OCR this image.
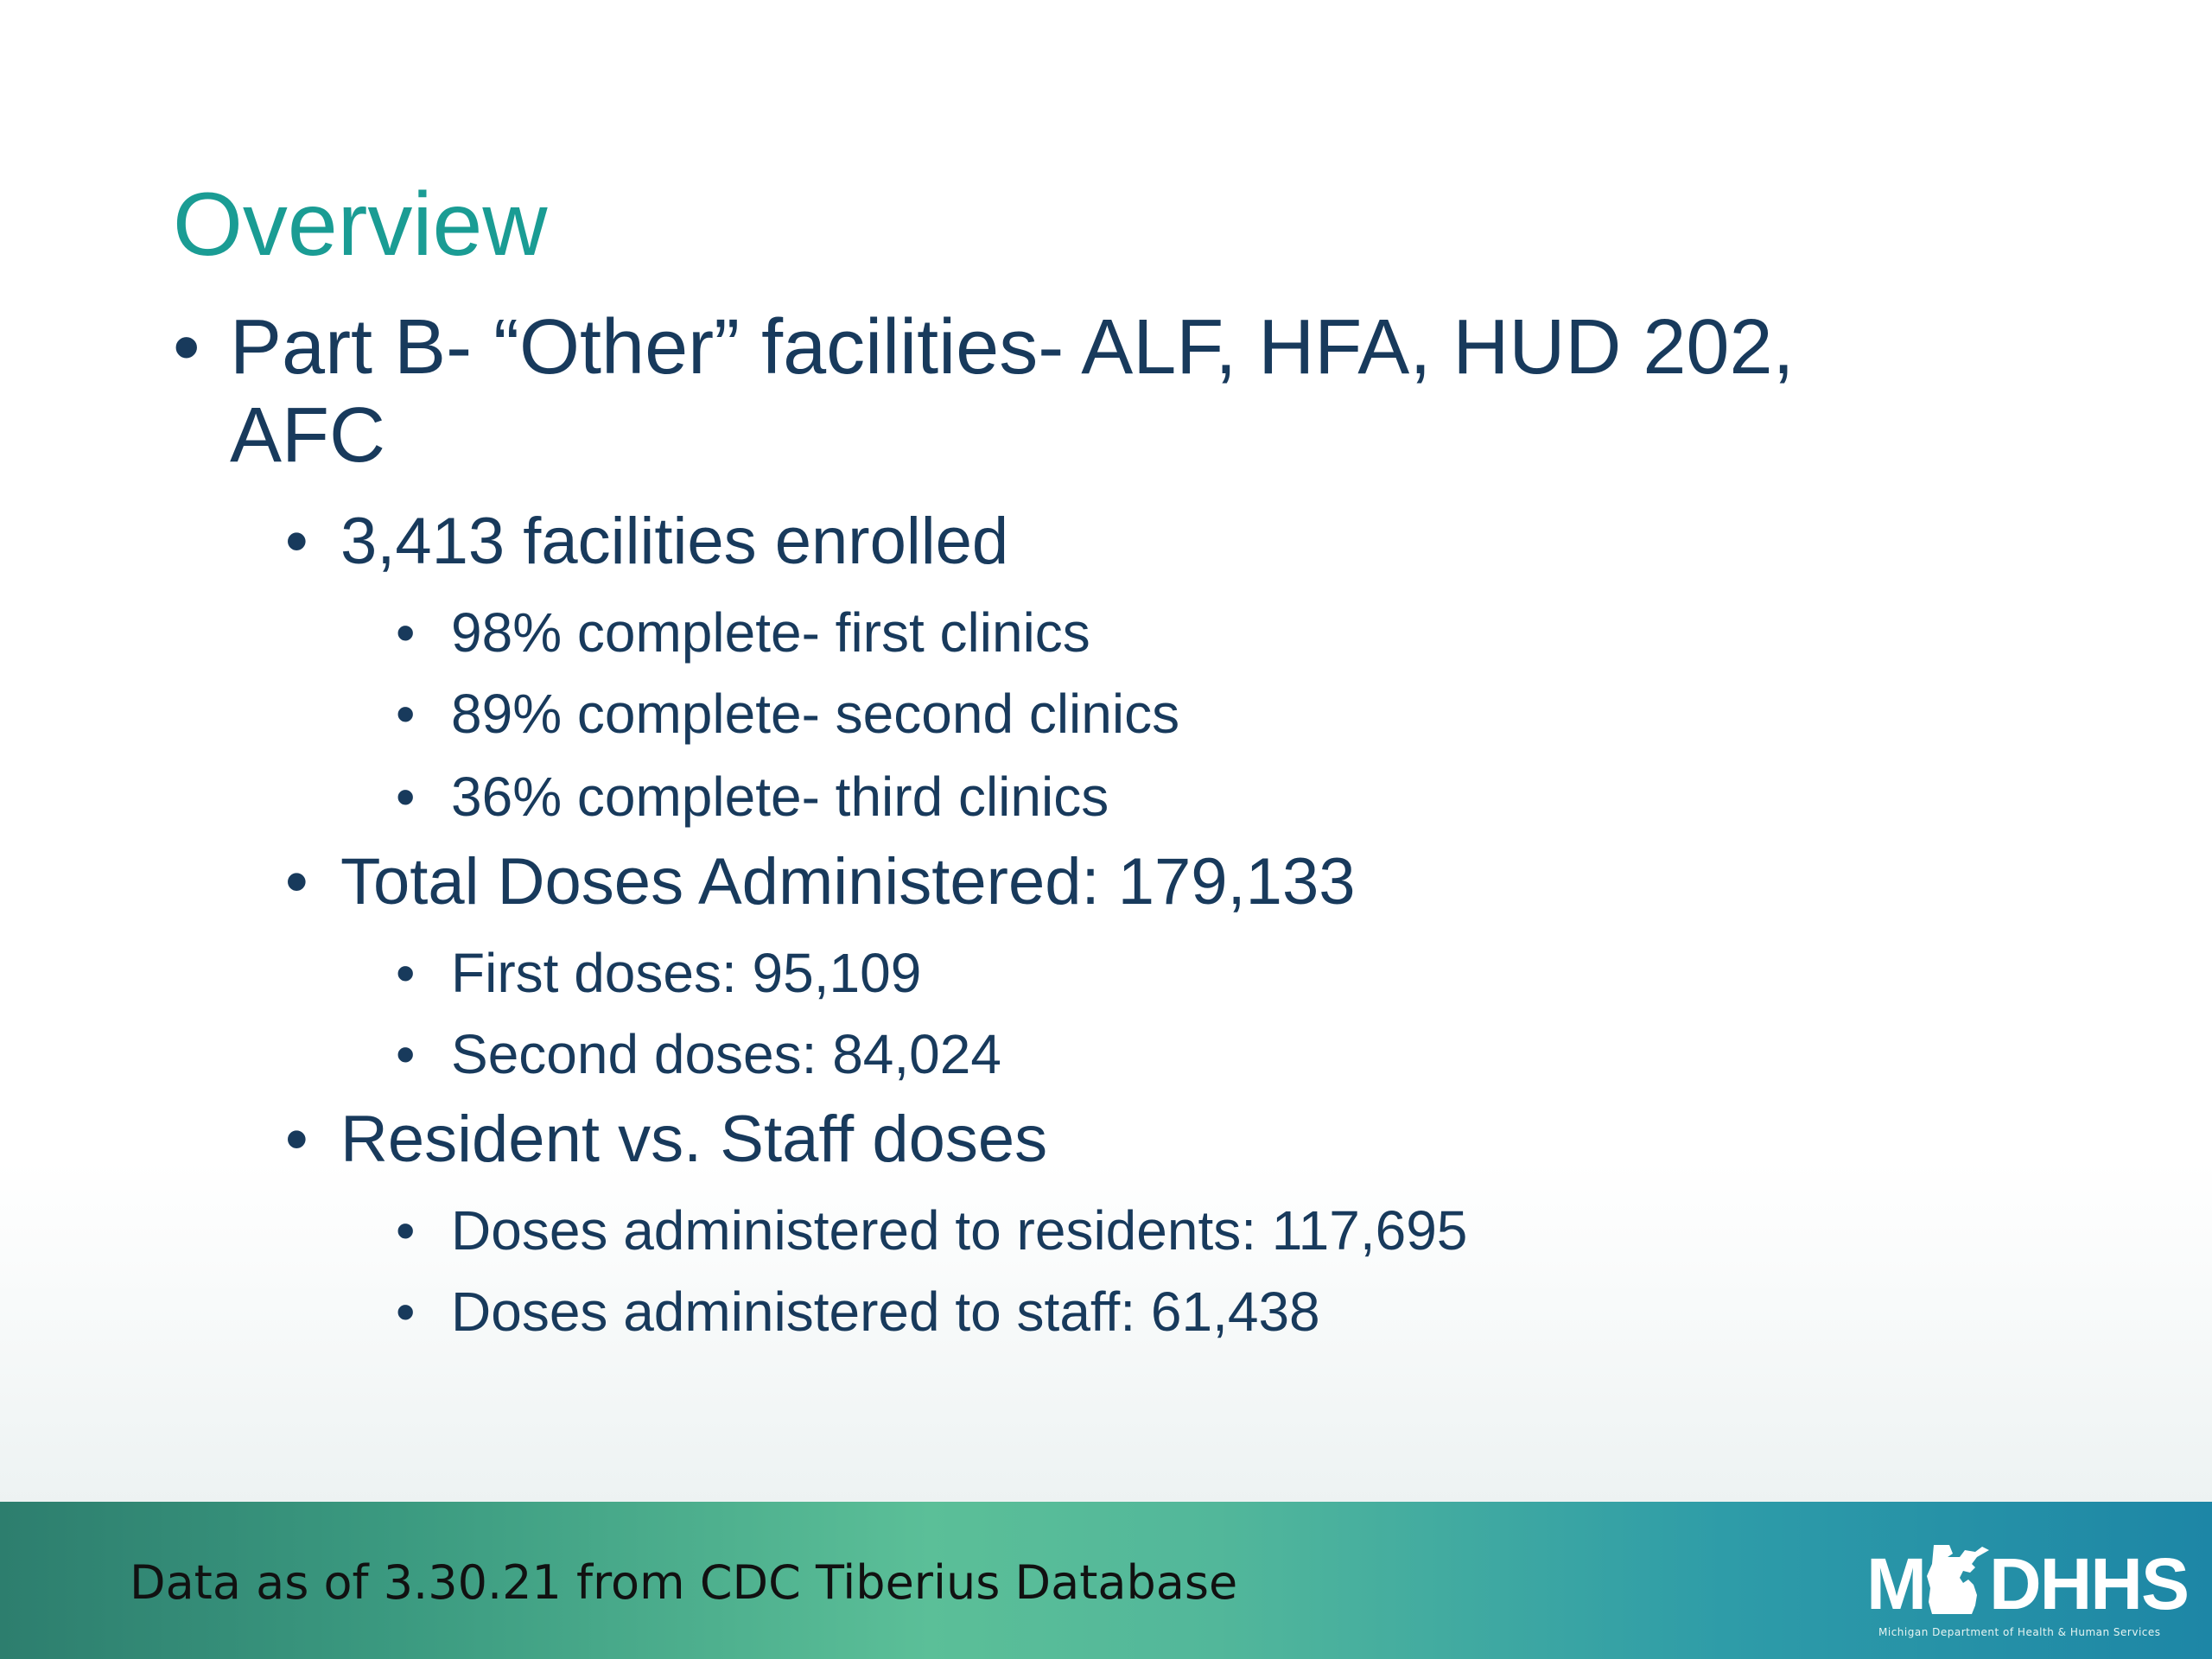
Overview
• Part B- “Other” facilities- ALF, HFA, HUD 202,
AFC
• 3,413 facilities enrolled
• 98% complete- first clinics
• 89% complete- second clinics
• 36% complete- third clinics
• Total Doses Administered: 179,133
• First doses: 95,109
• Second doses: 84,024
• Resident vs. Staff doses
• Doses administered to residents: 117,695
• Doses administered to staff: 61,438
Data as of 3.30.21 from CDC Tiberius Database	M DHHS
Michigan Department of Health & Human Services
